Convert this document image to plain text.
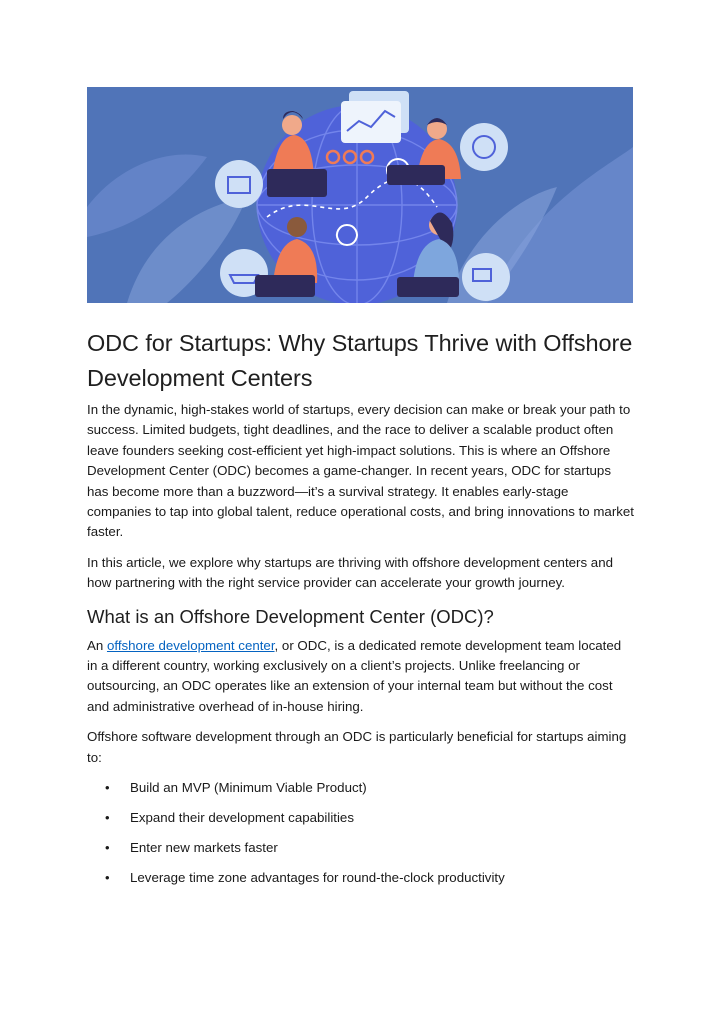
ODC for Startups: Why Startups Thrive with Offshore Development Centers

In the dynamic, high-stakes world of startups, every decision can make or break your path to success. Limited budgets, tight deadlines, and the race to deliver a scalable product often leave founders seeking cost-efficient yet high-impact solutions. This is where an Offshore Development Center (ODC) becomes a game-changer. In recent years, ODC for startups has become more than a buzzword—it’s a survival strategy. It enables early-stage companies to tap into global talent, reduce operational costs, and bring innovations to market faster.

In this article, we explore why startups are thriving with offshore development centers and how partnering with the right service provider can accelerate your growth journey.

What is an Offshore Development Center (ODC)?

An offshore development center, or ODC, is a dedicated remote development team located in a different country, working exclusively on a client’s projects. Unlike freelancing or outsourcing, an ODC operates like an extension of your internal team but without the cost and administrative overhead of in-house hiring.

Offshore software development through an ODC is particularly beneficial for startups aiming to:

• Build an MVP (Minimum Viable Product)
• Expand their development capabilities
• Enter new markets faster
• Leverage time zone advantages for round-the-clock productivity
